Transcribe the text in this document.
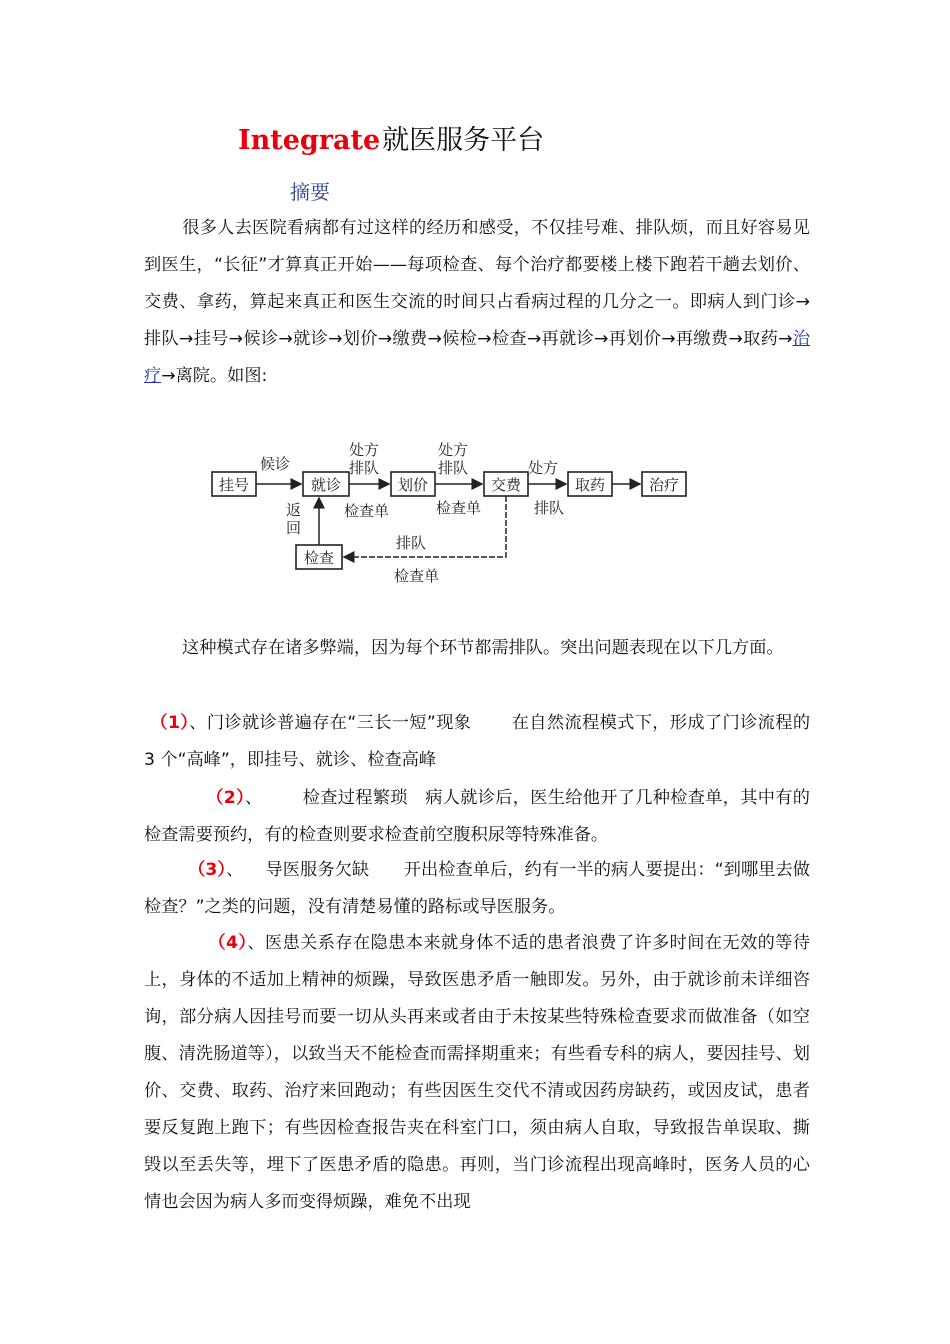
Integrate就医服务平台
摘要
很多人去医院看病都有过这样的经历和感受，不仅挂号难、排队烦，而且好容易见到医生，“长征”才算真正开始——每项检查、每个治疗都要楼上楼下跑若干趟去划价、交费、拿药，算起来真正和医生交流的时间只占看病过程的几分之一。即病人到门诊→排队→挂号→候诊→就诊→划价→缴费→候检→检查→再就诊→再划价→再缴费→取药→治疗→离院。如图:
挂号	就诊	划价	交费	取药	治疗
检查
候诊
处方
排队
处方
排队	处方
检查单	检查单	排队
返
回
排队
检查单
这种模式存在诸多弊端，因为每个环节都需排队。突出问题表现在以下几方面。
（1）、门诊就诊普遍存在“三长一短”现象 在自然流程模式下，形成了门诊流程的 3 个“高峰”，即挂号、就诊、检查高峰
（2）、 检查过程繁琐　病人就诊后，医生给他开了几种检查单，其中有的检查需要预约，有的检查则要求检查前空腹积尿等特殊准备。
（3）、 导医服务欠缺　　开出检查单后，约有一半的病人要提出：“到哪里去做检查？”之类的问题，没有清楚易懂的路标或导医服务。
（4）、医患关系存在隐患本来就身体不适的患者浪费了许多时间在无效的等待上，身体的不适加上精神的烦躁，导致医患矛盾一触即发。另外，由于就诊前未详细咨询，部分病人因挂号而要一切从头再来或者由于未按某些特殊检查要求而做准备（如空腹、清洗肠道等），以致当天不能检查而需择期重来；有些看专科的病人，要因挂号、划价、交费、取药、治疗来回跑动；有些因医生交代不清或因药房缺药，或因皮试，患者要反复跑上跑下；有些因检查报告夹在科室门口，须由病人自取，导致报告单误取、撕毁以至丢失等，埋下了医患矛盾的隐患。再则，当门诊流程出现高峰时，医务人员的心情也会因为病人多而变得烦躁，难免不出现
